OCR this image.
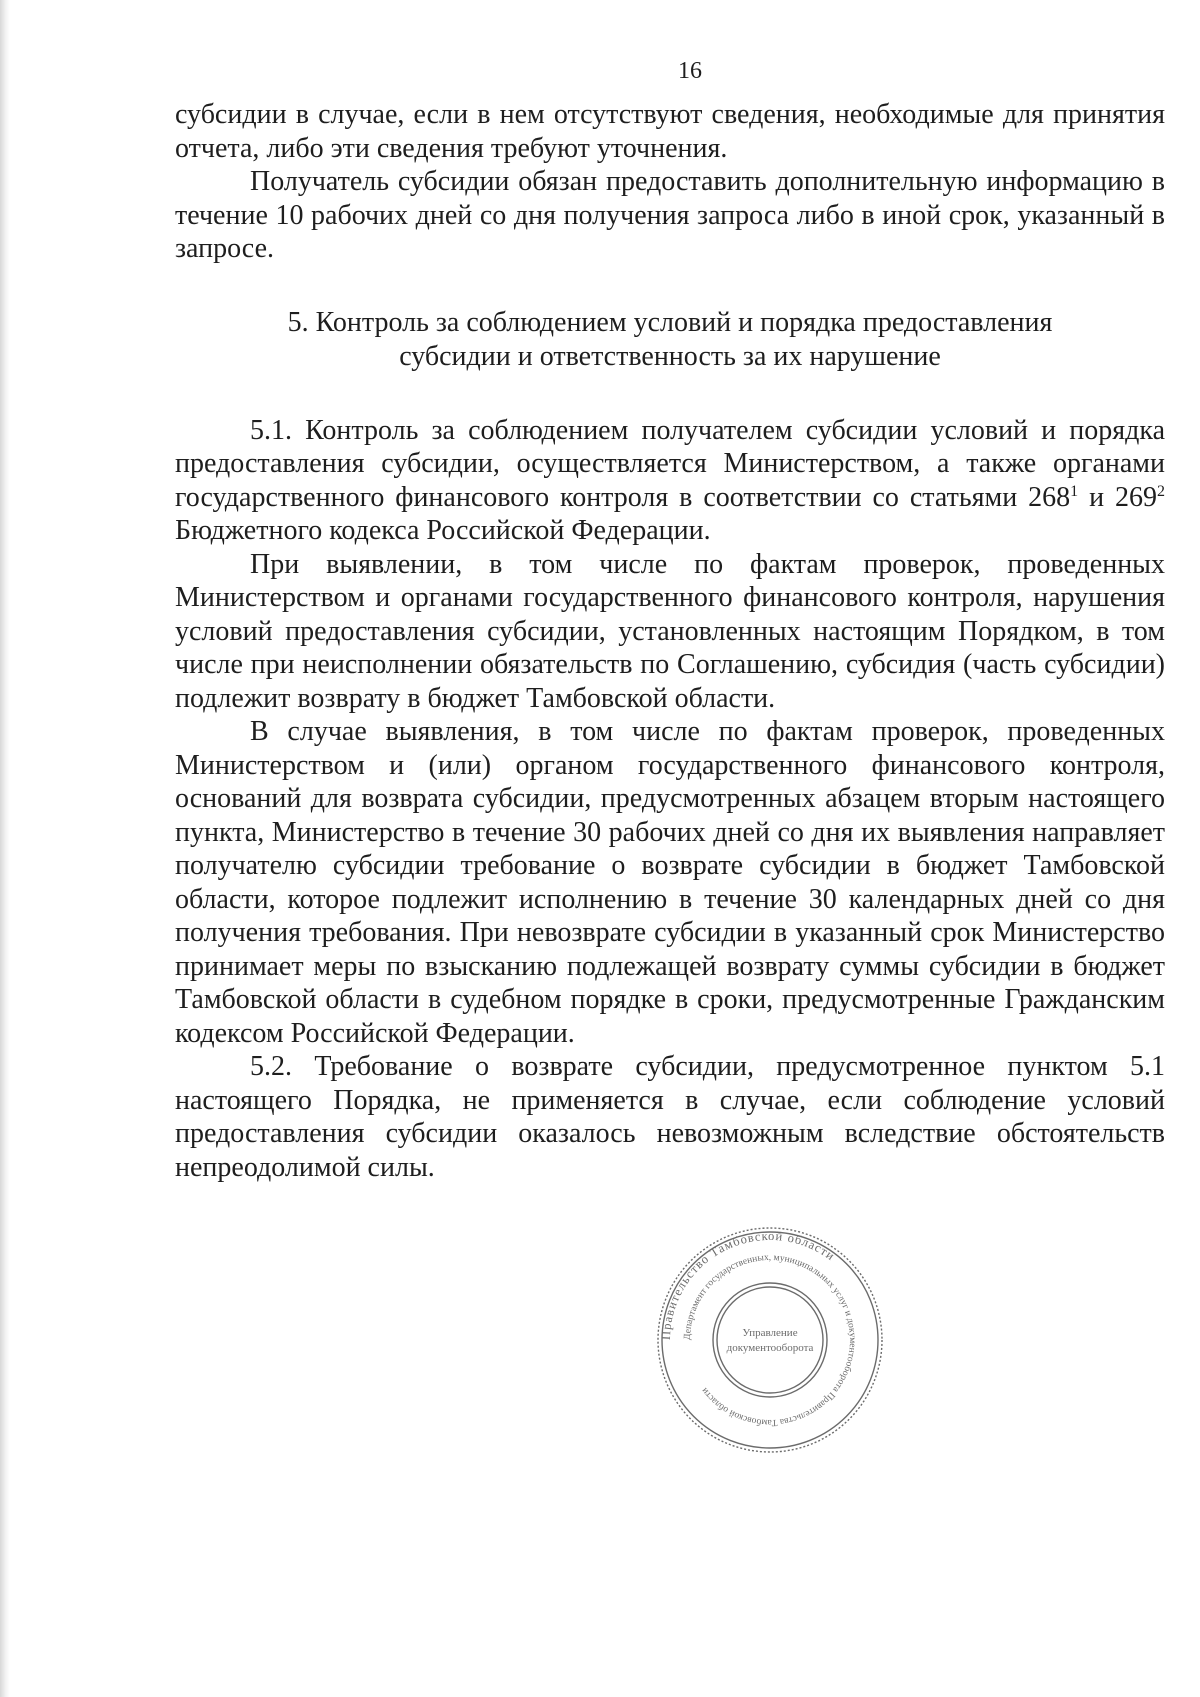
16

субсидии в случае, если в нем отсутствуют сведения, необходимые для принятия отчета, либо эти сведения требуют уточнения.

Получатель субсидии обязан предоставить дополнительную информацию в течение 10 рабочих дней со дня получения запроса либо в иной срок, указанный в запросе.

5. Контроль за соблюдением условий и порядка предоставления
субсидии и ответственность за их нарушение

5.1. Контроль за соблюдением получателем субсидии условий и порядка предоставления субсидии, осуществляется Министерством, а также органами государственного финансового контроля в соответствии со статьями $268^1$ и $269^2$ Бюджетного кодекса Российской Федерации.

При выявлении, в том числе по фактам проверок, проведенных Министерством и органами государственного финансового контроля, нарушения условий предоставления субсидии, установленных настоящим Порядком, в том числе при неисполнении обязательств по Соглашению, субсидия (часть субсидии) подлежит возврату в бюджет Тамбовской области.

В случае выявления, в том числе по фактам проверок, проведенных Министерством и (или) органом государственного финансового контроля, оснований для возврата субсидии, предусмотренных абзацем вторым настоящего пункта, Министерство в течение 30 рабочих дней со дня их выявления направляет получателю субсидии требование о возврате субсидии в бюджет Тамбовской области, которое подлежит исполнению в течение 30 календарных дней со дня получения требования. При невозврате субсидии в указанный срок Министерство принимает меры по взысканию подлежащей возврату суммы субсидии в бюджет Тамбовской области в судебном порядке в сроки, предусмотренные Гражданским кодексом Российской Федерации.

5.2. Требование о возврате субсидии, предусмотренное пунктом 5.1 настоящего Порядка, не применяется в случае, если соблюдение условий предоставления субсидии оказалось невозможным вследствие обстоятельств непреодолимой силы.

Правительство Тамбовской области
Департамент государственных, муниципальных услуг и документооборота Правительства Тамбовской области
Управление
документооборота
